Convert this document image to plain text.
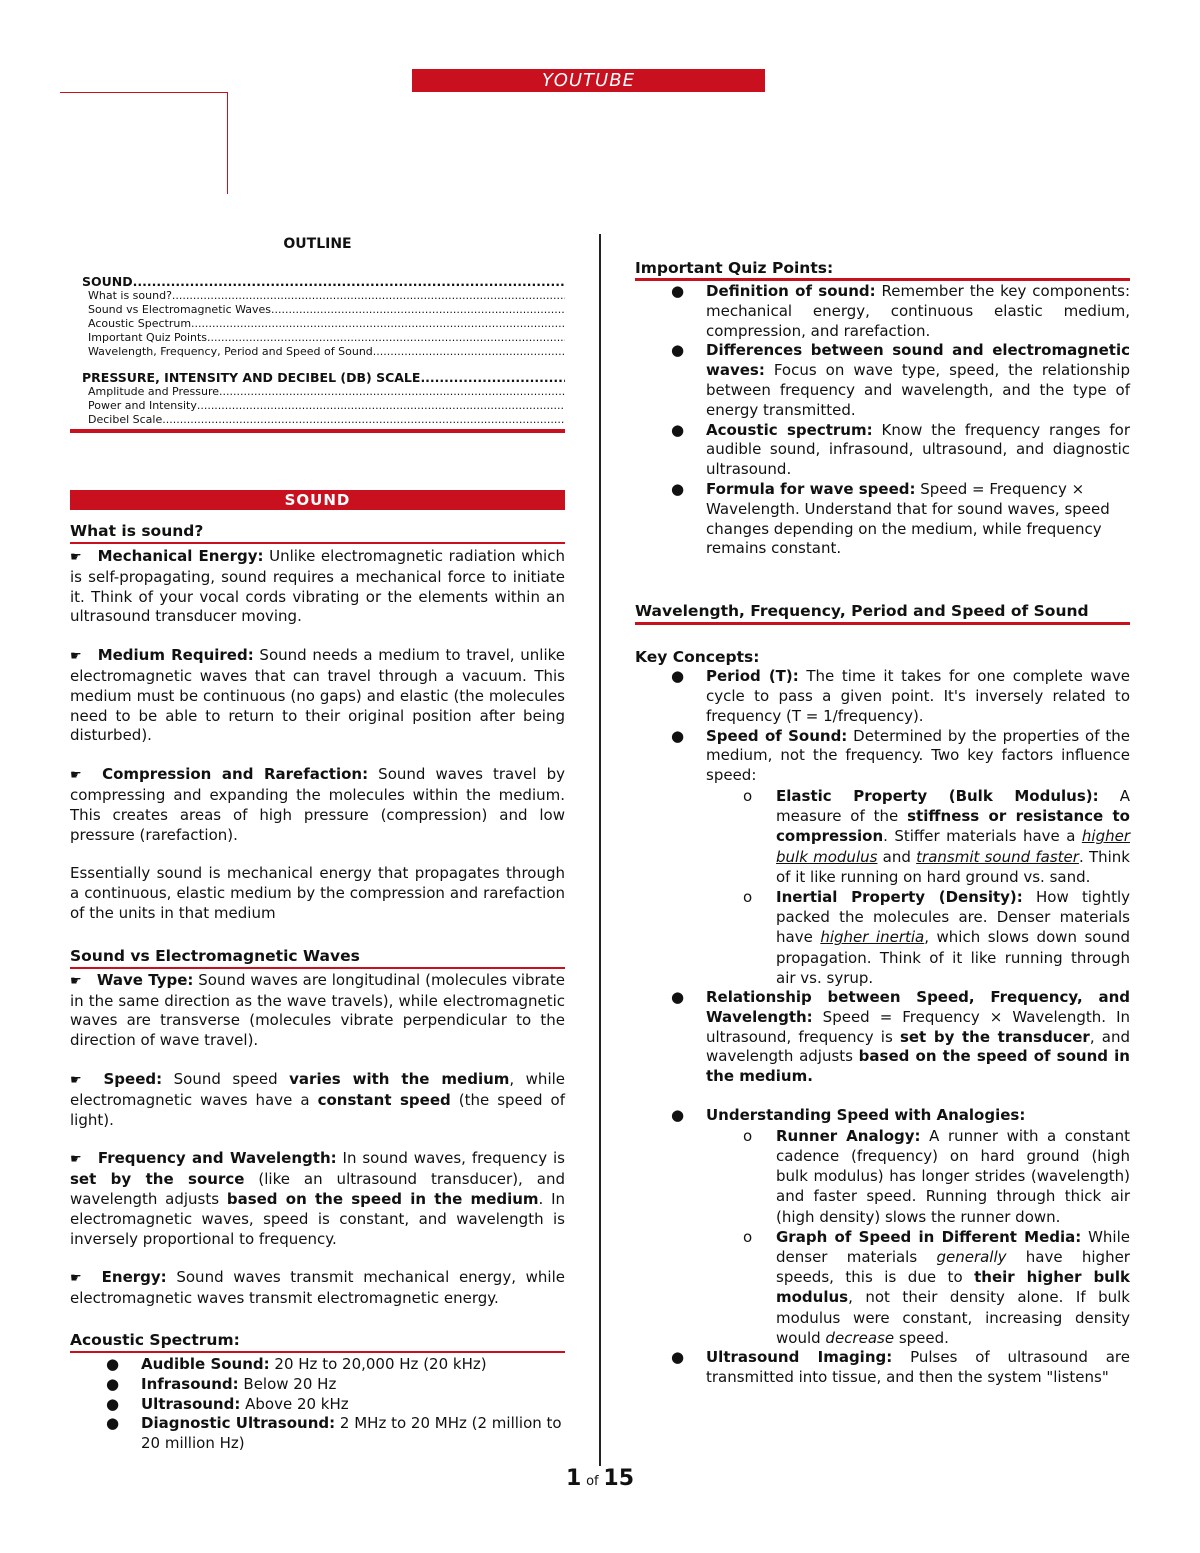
YOUTUBE
OUTLINE
SOUND
.....
What is sound?
.....
Sound vs Electromagnetic Waves
.....
Acoustic Spectrum
.....
Important Quiz Points
.....
Wavelength, Frequency, Period and Speed of Sound
.....
PRESSURE, INTENSITY AND DECIBEL (DB) SCALE
.....
Amplitude and Pressure
.....
Power and Intensity
.....
Decibel Scale
.....
SOUND
What is sound?
☛ Mechanical Energy: Unlike electromagnetic radiation which is self-propagating, sound requires a mechanical force to initiate it. Think of your vocal cords vibrating or the elements within an ultrasound transducer moving.
☛ Medium Required: Sound needs a medium to travel, unlike electromagnetic waves that can travel through a vacuum. This medium must be continuous (no gaps) and elastic (the molecules need to be able to return to their original position after being disturbed).
☛ Compression and Rarefaction: Sound waves travel by compressing and expanding the molecules within the medium. This creates areas of high pressure (compression) and low pressure (rarefaction).
Essentially sound is mechanical energy that propagates through a continuous, elastic medium by the compression and rarefaction of the units in that medium
Sound vs Electromagnetic Waves
☛ Wave Type: Sound waves are longitudinal (molecules vibrate in the same direction as the wave travels), while electromagnetic waves are transverse (molecules vibrate perpendicular to the direction of wave travel).
☛ Speed: Sound speed varies with the medium, while electromagnetic waves have a constant speed (the speed of light).
☛ Frequency and Wavelength: In sound waves, frequency is set by the source (like an ultrasound transducer), and wavelength adjusts based on the speed in the medium. In electromagnetic waves, speed is constant, and wavelength is inversely proportional to frequency.
☛ Energy: Sound waves transmit mechanical energy, while electromagnetic waves transmit electromagnetic energy.
Acoustic Spectrum:
● Audible Sound: 20 Hz to 20,000 Hz (20 kHz)
● Infrasound: Below 20 Hz
● Ultrasound: Above 20 kHz
● Diagnostic Ultrasound: 2 MHz to 20 MHz (2 million to 20 million Hz)
Important Quiz Points:
● Definition of sound: Remember the key components: mechanical energy, continuous elastic medium, compression, and rarefaction.
● Differences between sound and electromagnetic waves: Focus on wave type, speed, the relationship between frequency and wavelength, and the type of energy transmitted.
● Acoustic spectrum: Know the frequency ranges for audible sound, infrasound, ultrasound, and diagnostic ultrasound.
● Formula for wave speed: Speed = Frequency × Wavelength. Understand that for sound waves, speed changes depending on the medium, while frequency remains constant.
Wavelength, Frequency, Period and Speed of Sound
Key Concepts:
● Period (T): The time it takes for one complete wave cycle to pass a given point. It's inversely related to frequency (T = 1/frequency).
● Speed of Sound: Determined by the properties of the medium, not the frequency. Two key factors influence speed:
o Elastic Property (Bulk Modulus): A measure of the stiffness or resistance to compression. Stiffer materials have a higher bulk modulus and transmit sound faster. Think of it like running on hard ground vs. sand.
o Inertial Property (Density): How tightly packed the molecules are. Denser materials have higher inertia, which slows down sound propagation. Think of it like running through air vs. syrup.
● Relationship between Speed, Frequency, and Wavelength: Speed = Frequency × Wavelength. In ultrasound, frequency is set by the transducer, and wavelength adjusts based on the speed of sound in the medium.
● Understanding Speed with Analogies:
o Runner Analogy: A runner with a constant cadence (frequency) on hard ground (high bulk modulus) has longer strides (wavelength) and faster speed. Running through thick air (high density) slows the runner down.
o Graph of Speed in Different Media: While denser materials generally have higher speeds, this is due to their higher bulk modulus, not their density alone. If bulk modulus were constant, increasing density would decrease speed.
● Ultrasound Imaging: Pulses of ultrasound are transmitted into tissue, and then the system "listens"
1 of 15
